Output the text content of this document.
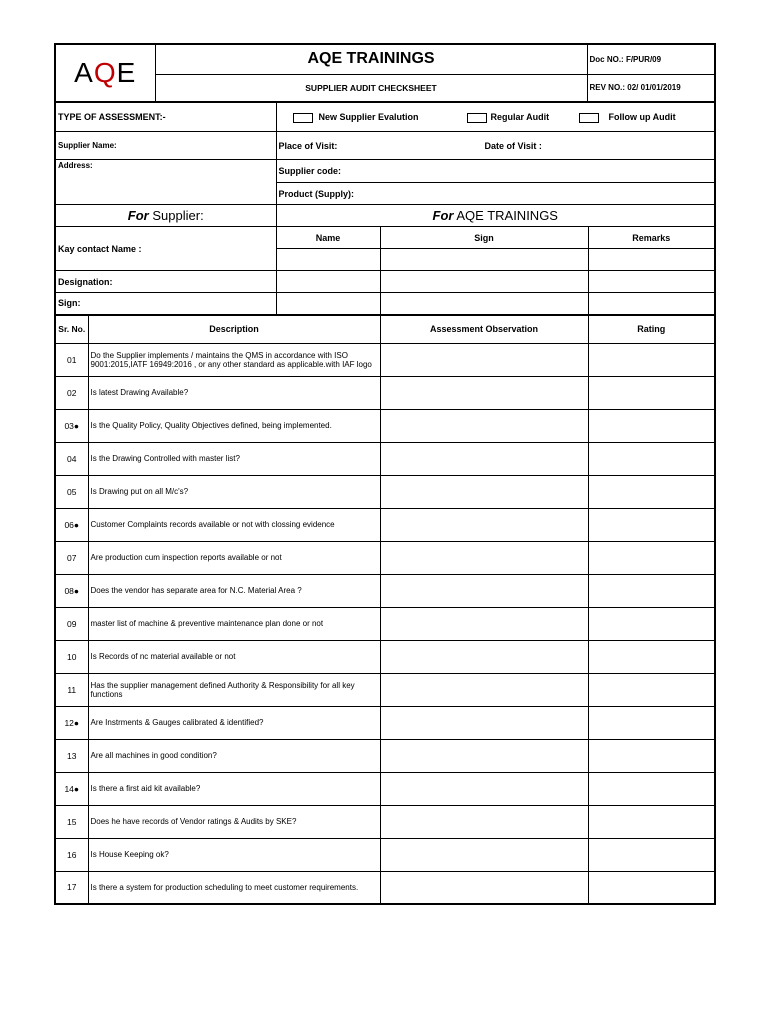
AQE	AQE TRAININGS	Doc NO.: F/PUR/09
	SUPPLIER AUDIT CHECKSHEET	REV NO.: 02/ 01/01/2019
TYPE OF ASSESSMENT:-	New Supplier Evalution Regular Audit Follow up Audit		

Supplier Name:	Place of Visit: Date of Visit :		

Address:	Supplier code:		
	Product (Supply):		
For Supplier:	For AQE TRAININGS		
Kay contact Name :	Name	Sign	Remarks

Designation:			
Sign:			
Sr. No.	Description	Assessment Observation	Rating
01	Do the Supplier implements / maintains the QMS in accordance with ISO 9001:2015,IATF 16949:2016 , or any other standard as applicable.with IAF logo		
02	Is latest Drawing Available?		
03●	Is the Quality Policy, Quality Objectives defined, being implemented.		
04	Is the Drawing Controlled with master list?		
05	Is Drawing put on all M/c's?		
06●	Customer Complaints records available or not with clossing evidence		
07	Are production cum inspection reports available or not		
08●	Does the vendor has separate area for N.C. Material Area ?		
09	master list of machine & preventive maintenance plan done or not		
10	Is Records of nc material available or not		
11	Has the supplier management defined Authority & Responsibility for all key functions		
12●	Are Instrments & Gauges calibrated & identified?		
13	Are all machines in good condition?		
14●	Is there a first aid kit available?		
15	Does he have records of Vendor ratings & Audits by SKE?		
16	Is House Keeping ok?		
17	Is there a system for production scheduling to meet customer requirements.		
